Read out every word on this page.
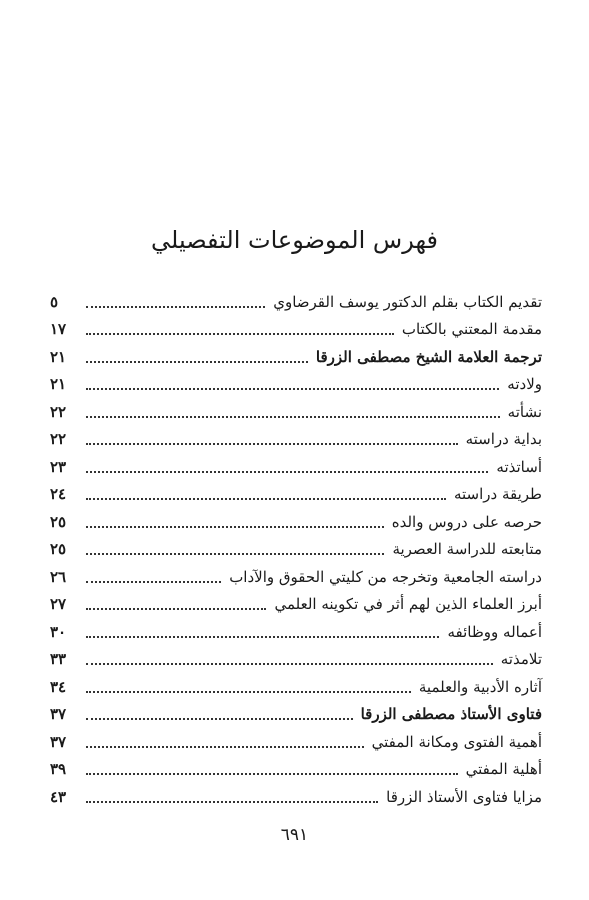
فهرس الموضوعات التفصيلي
تقديم الكتاب بقلم الدكتور يوسف القرضاوي
٥
مقدمة المعتني بالكتاب
١٧
ترجمة العلامة الشيخ مصطفى الزرقا
٢١
ولادته
٢١
نشأته
٢٢
بداية دراسته
٢٢
أساتذته
٢٣
طريقة دراسته
٢٤
حرصه على دروس والده
٢٥
متابعته للدراسة العصرية
٢٥
دراسته الجامعية وتخرجه من كليتي الحقوق والآداب
٢٦
أبرز العلماء الذين لهم أثر في تكوينه العلمي
٢٧
أعماله ووظائفه
٣٠
تلامذته
٣٣
آثاره الأدبية والعلمية
٣٤
فتاوى الأستاذ مصطفى الزرقا
٣٧
أهمية الفتوى ومكانة المفتي
٣٧
أهلية المفتي
٣٩
مزايا فتاوى الأستاذ الزرقا
٤٣
٦٩١
